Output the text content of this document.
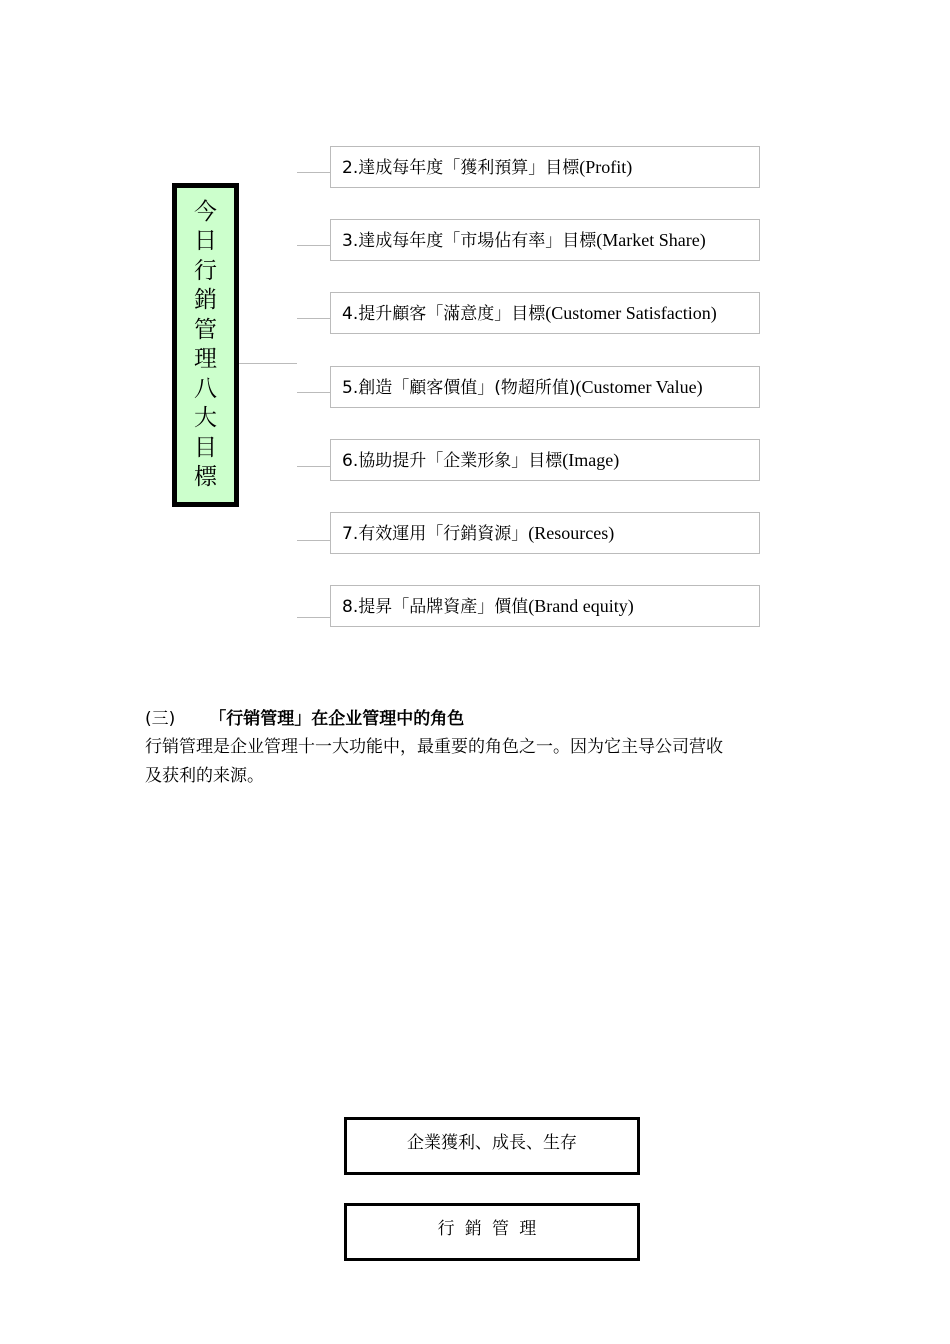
今
日
行
銷
管
理
八
大
目
標
2.達成每年度「獲利預算」目標(Profit)
3.達成每年度「市場佔有率」目標(Market Share)
4.提升顧客「滿意度」目標(Customer Satisfaction)
5.創造「顧客價值」(物超所值)(Customer Value)
6.協助提升「企業形象」目標(Image)
7.有效運用「行銷資源」(Resources)
8.提昇「品牌資產」價值(Brand equity)
(三) 「行销管理」在企业管理中的角色
行销管理是企业管理十一大功能中，最重要的角色之一。因为它主导公司营收
及获利的来源。
企業獲利、成長、生存
行銷管理
